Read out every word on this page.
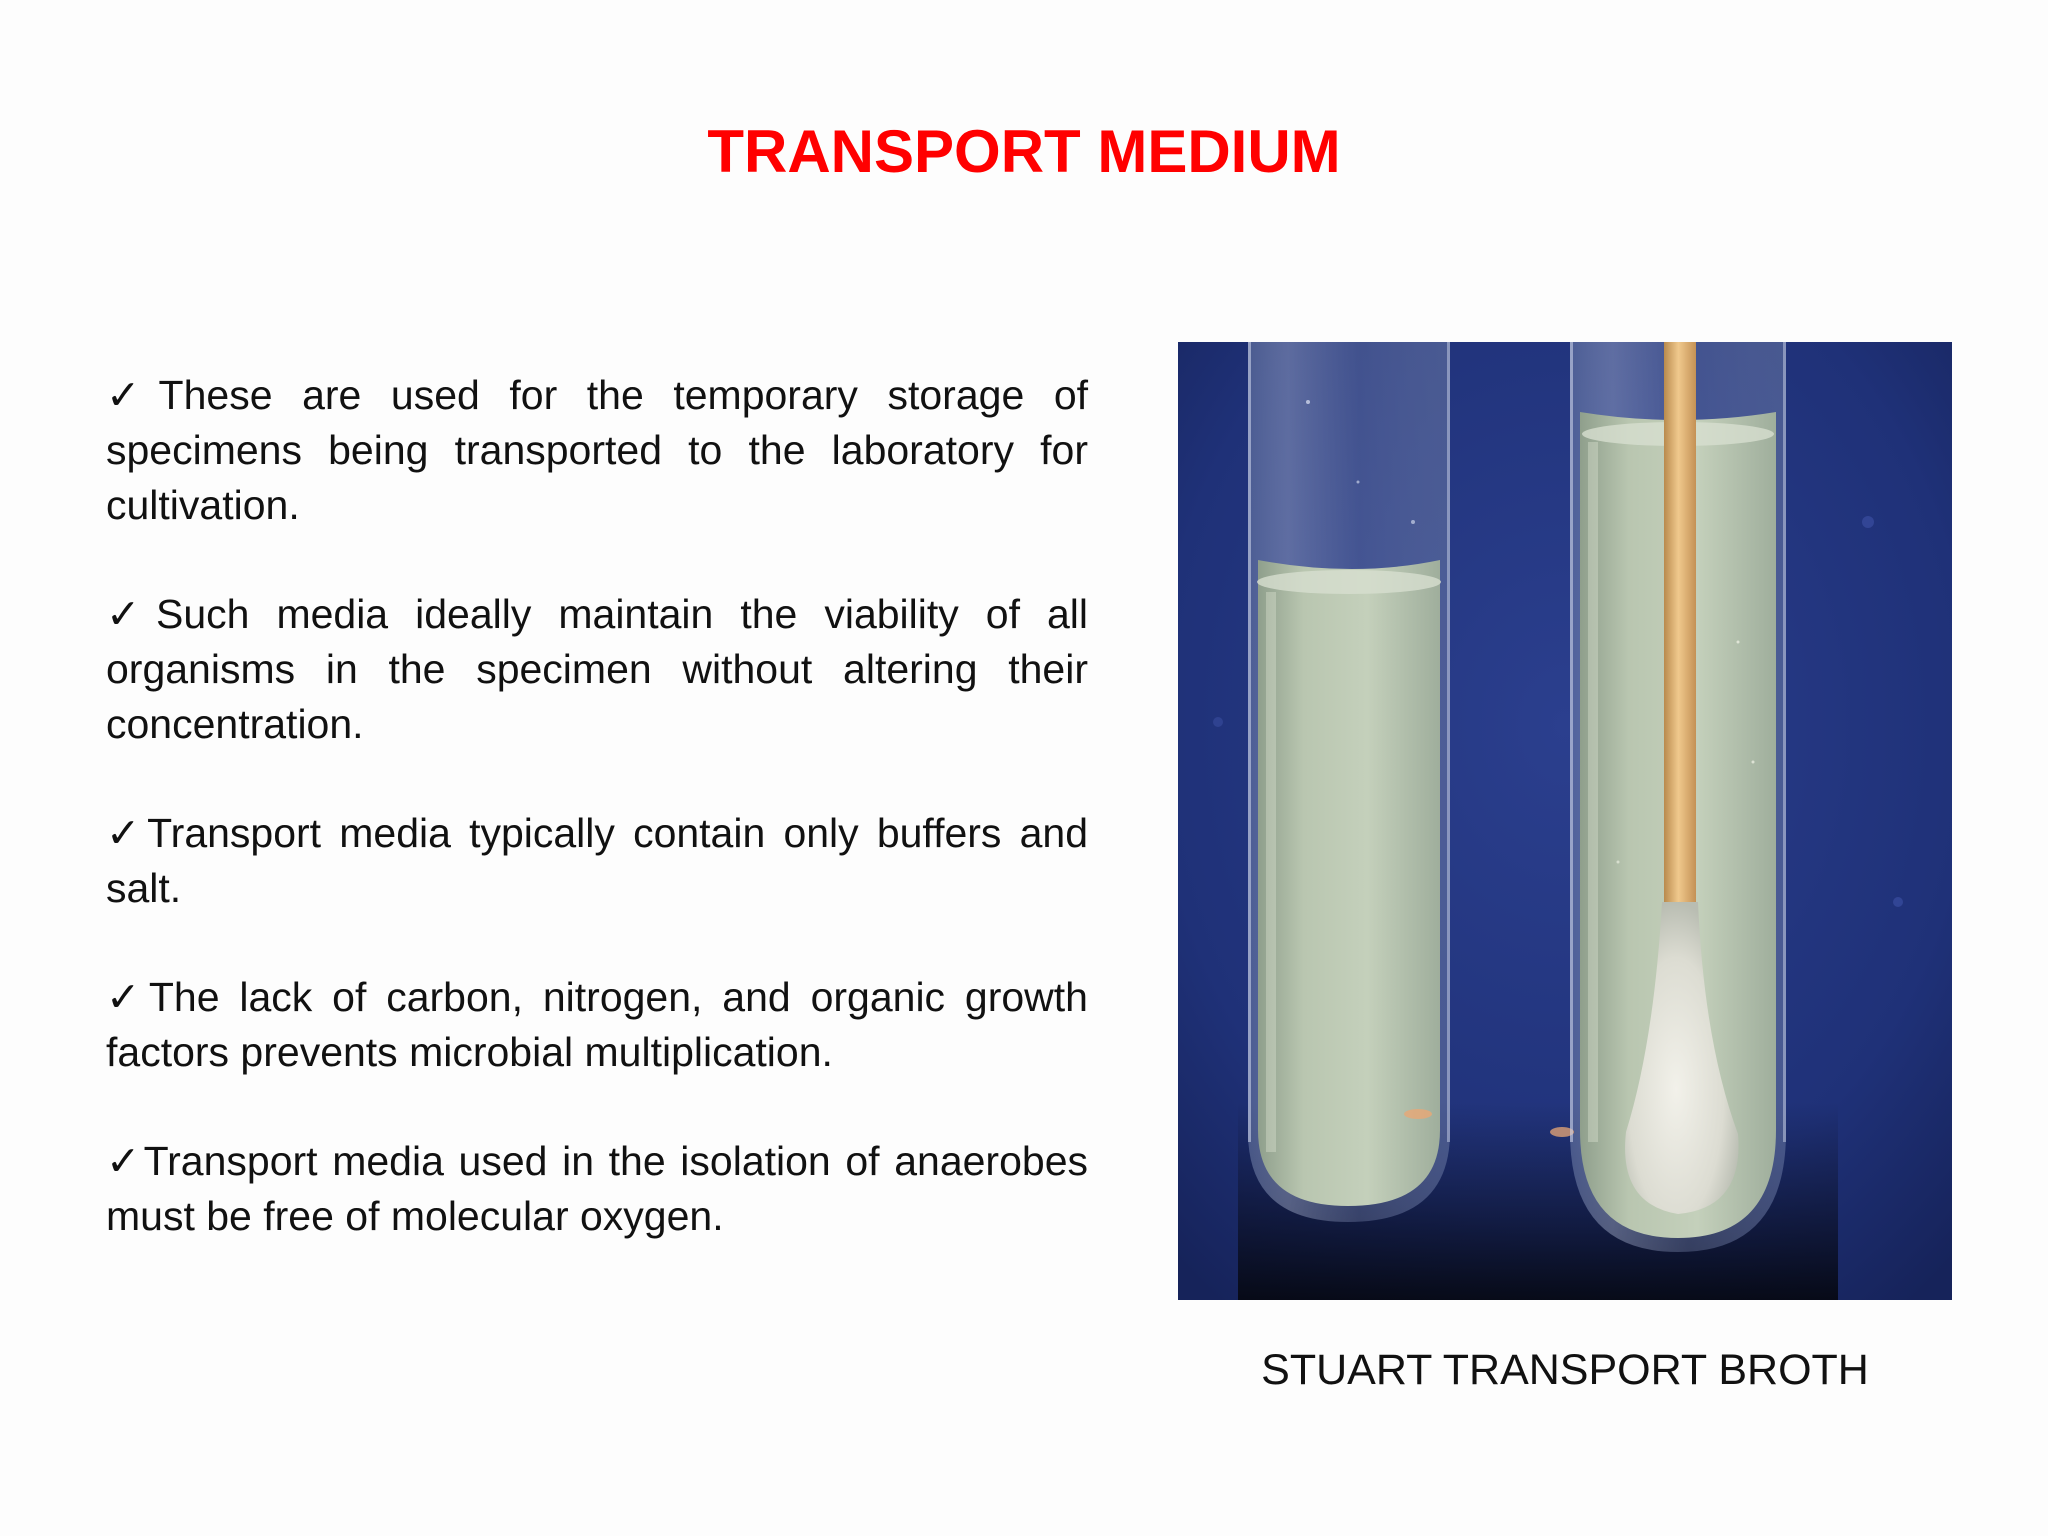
TRANSPORT MEDIUM

✓These are used for the temporary storage of specimens being transported to the laboratory for cultivation.

✓Such media ideally maintain the viability of all organisms in the specimen without altering their concentration.

✓Transport media typically contain only buffers and salt.

✓The lack of carbon, nitrogen, and organic growth factors prevents microbial multiplication.

✓Transport media used in the isolation of anaerobes must be free of molecular oxygen.

STUART TRANSPORT BROTH
